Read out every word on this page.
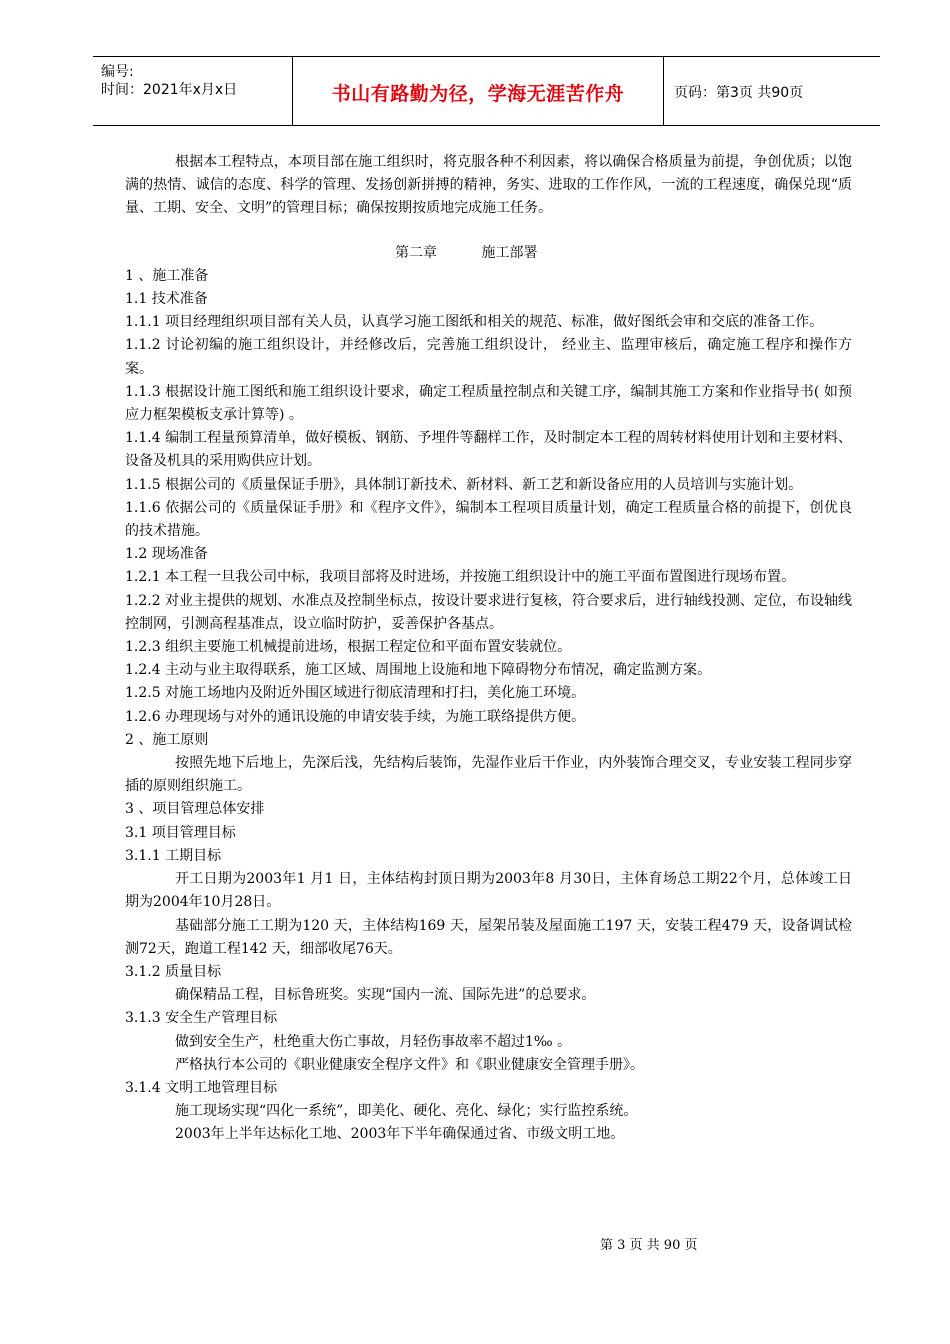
编号:
时间：2021年x月x日	书山有路勤为径，学海无涯苦作舟	页码：第3页 共90页

根据本工程特点，本项目部在施工组织时，将克服各种不利因素，将以确保合格质量为前提，争创优质；以饱满的热情、诚信的态度、科学的管理、发扬创新拼搏的精神，务实、进取的工作作风，一流的工程速度，确保兑现“质量、工期、安全、文明”的管理目标；确保按期按质地完成施工任务。

第二章          施工部署

1 、施工准备

1.1 技术准备

1.1.1 项目经理组织项目部有关人员，认真学习施工图纸和相关的规范、标准，做好图纸会审和交底的准备工作。

1.1.2 讨论初编的施工组织设计，并经修改后，完善施工组织设计， 经业主、监理审核后，确定施工程序和操作方案。

1.1.3 根据设计施工图纸和施工组织设计要求，确定工程质量控制点和关键工序，编制其施工方案和作业指导书( 如预应力框架模板支承计算等) 。

1.1.4 编制工程量预算清单，做好模板、钢筋、予埋件等翻样工作，及时制定本工程的周转材料使用计划和主要材料、设备及机具的采用购供应计划。

1.1.5 根据公司的《质量保证手册》，具体制订新技术、新材料、新工艺和新设备应用的人员培训与实施计划。

1.1.6 依据公司的《质量保证手册》和《程序文件》，编制本工程项目质量计划，确定工程质量合格的前提下，创优良的技术措施。

1.2 现场准备

1.2.1 本工程一旦我公司中标，我项目部将及时进场，并按施工组织设计中的施工平面布置图进行现场布置。

1.2.2 对业主提供的规划、水准点及控制坐标点，按设计要求进行复核，符合要求后，进行轴线投测、定位，布设轴线控制网，引测高程基准点，设立临时防护，妥善保护各基点。

1.2.3 组织主要施工机械提前进场，根据工程定位和平面布置安装就位。

1.2.4 主动与业主取得联系，施工区域、周围地上设施和地下障碍物分布情况，确定监测方案。

1.2.5 对施工场地内及附近外围区域进行彻底清理和打扫，美化施工环境。

1.2.6 办理现场与对外的通讯设施的申请安装手续，为施工联络提供方便。

2 、施工原则

按照先地下后地上，先深后浅，先结构后装饰，先湿作业后干作业，内外装饰合理交叉，专业安装工程同步穿插的原则组织施工。

3 、项目管理总体安排

3.1 项目管理目标

3.1.1 工期目标

开工日期为2003年1 月1 日，主体结构封顶日期为2003年8 月30日，主体育场总工期22个月，总体竣工日期为2004年10月28日。

基础部分施工工期为120 天，主体结构169 天，屋架吊装及屋面施工197 天，安装工程479 天，设备调试检测72天，跑道工程142 天，细部收尾76天。

3.1.2 质量目标

确保精品工程，目标鲁班奖。实现“国内一流、国际先进”的总要求。

3.1.3 安全生产管理目标

做到安全生产，杜绝重大伤亡事故，月轻伤事故率不超过1‰ 。

严格执行本公司的《职业健康安全程序文件》和《职业健康安全管理手册》。

3.1.4 文明工地管理目标

施工现场实现“四化一系统”，即美化、硬化、亮化、绿化；实行监控系统。

2003年上半年达标化工地、2003年下半年确保通过省、市级文明工地。

第 3 页 共 90 页
